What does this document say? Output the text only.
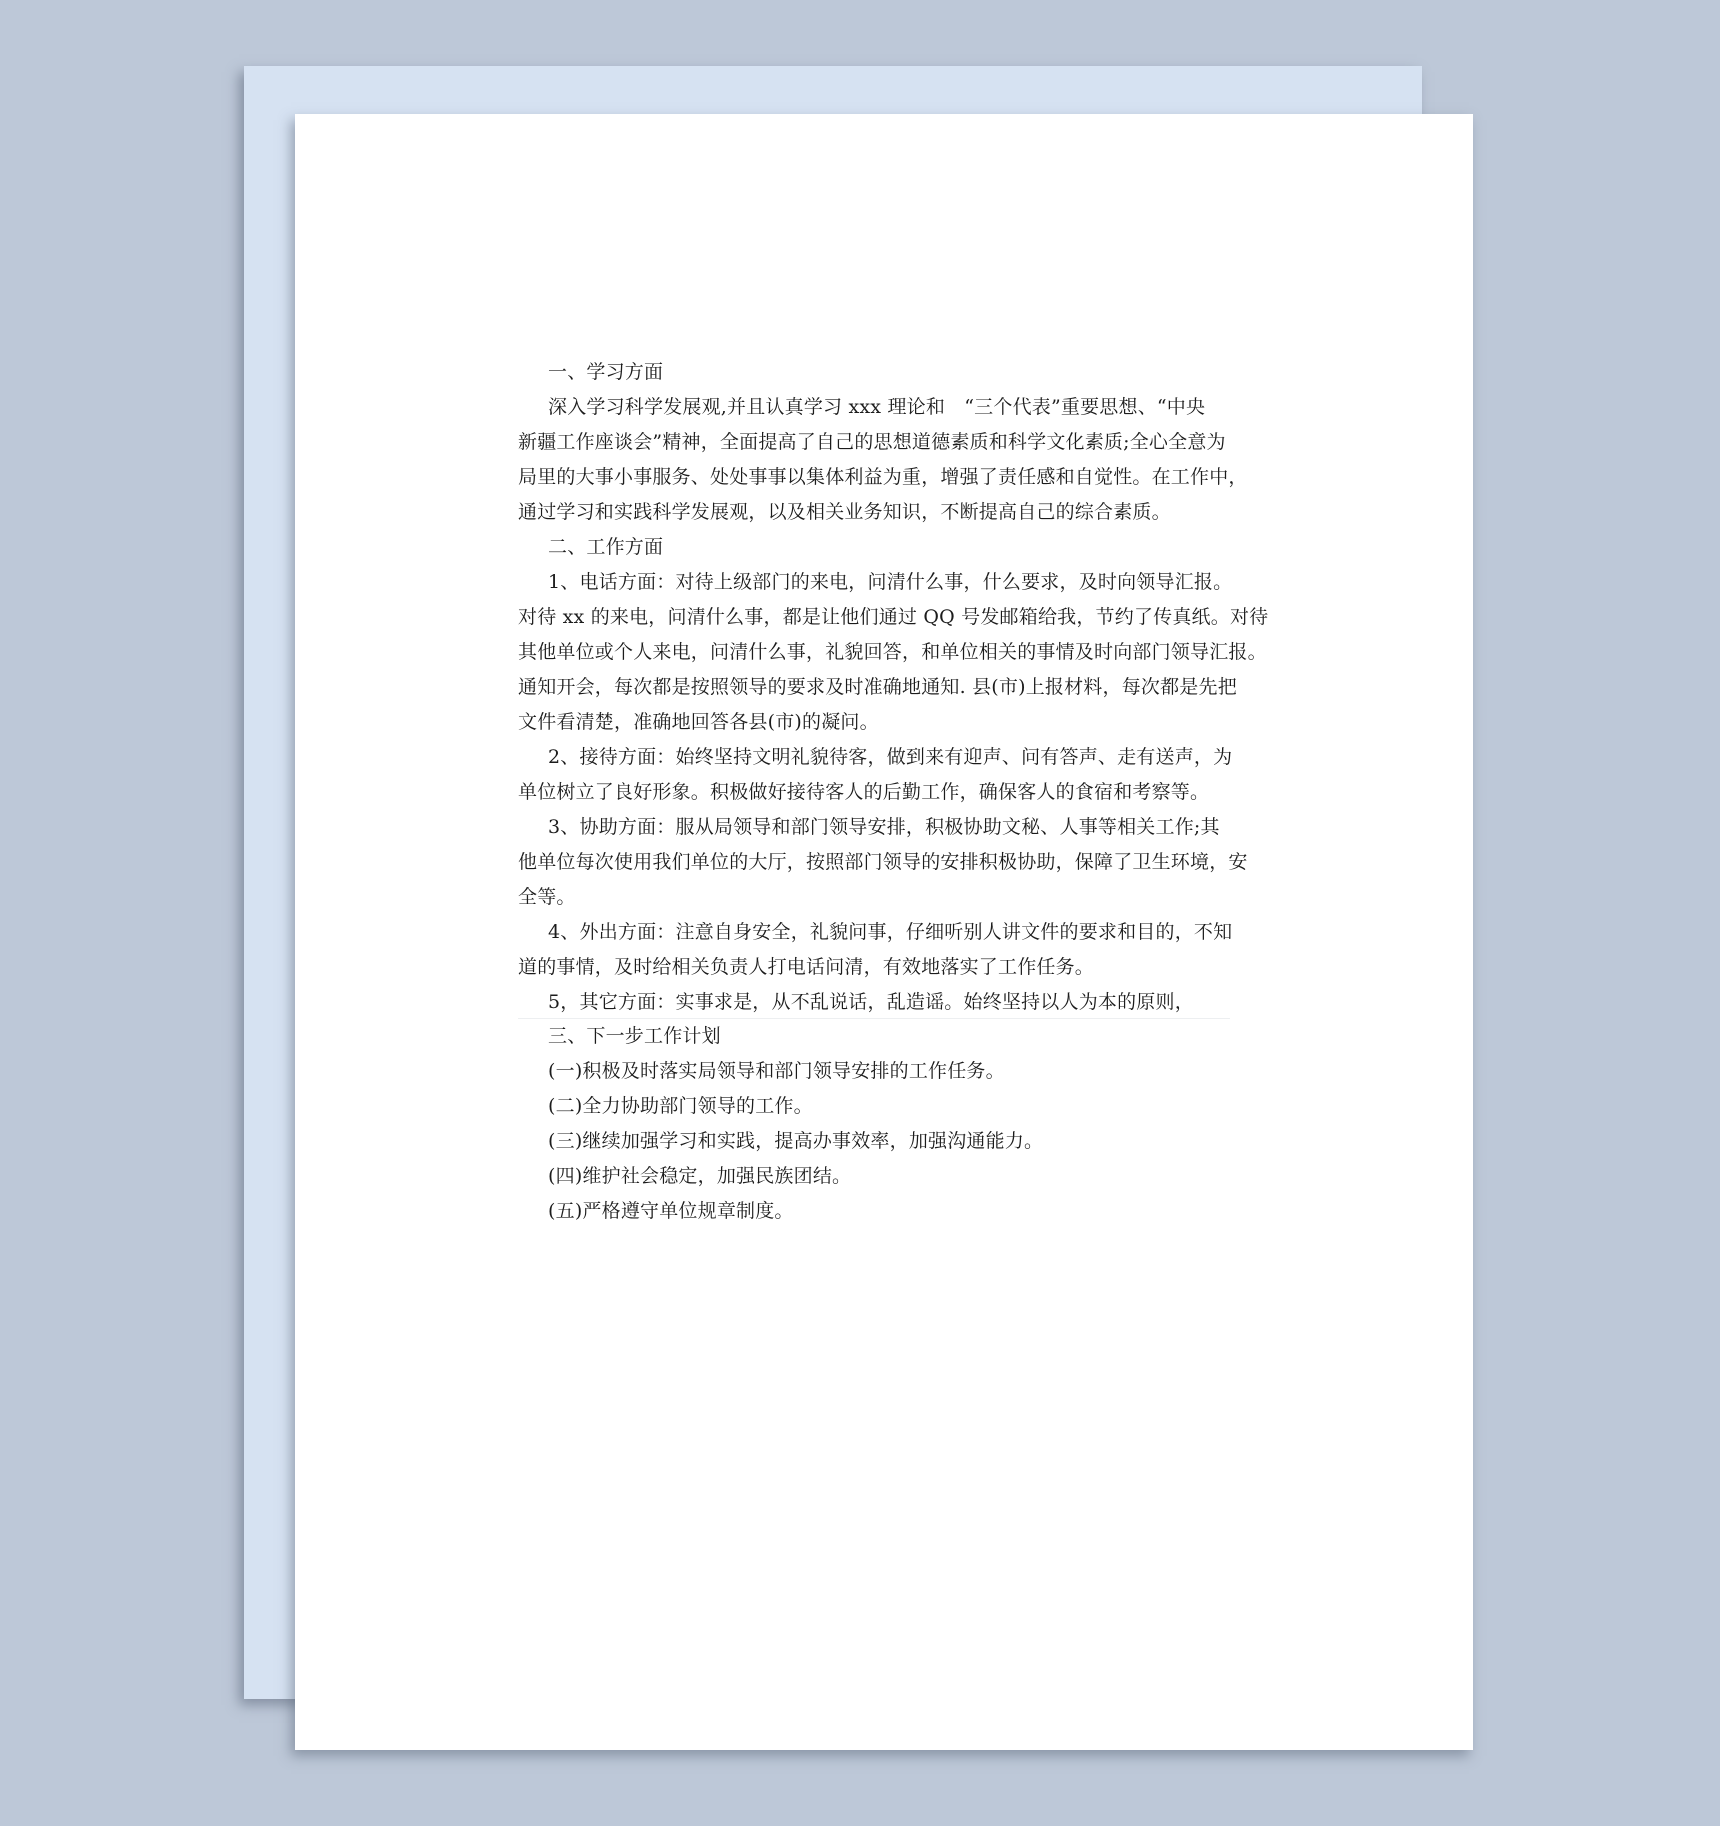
一、学习方面
深入学习科学发展观,并且认真学习 xxx 理论和　“三个代表”重要思想、“中央
新疆工作座谈会”精神，全面提高了自己的思想道德素质和科学文化素质;全心全意为
局里的大事小事服务、处处事事以集体利益为重，增强了责任感和自觉性。在工作中，
通过学习和实践科学发展观，以及相关业务知识，不断提高自己的综合素质。
二、工作方面
1、电话方面：对待上级部门的来电，问清什么事，什么要求，及时向领导汇报。
对待 xx 的来电，问清什么事，都是让他们通过 QQ 号发邮箱给我，节约了传真纸。对待
其他单位或个人来电，问清什么事，礼貌回答，和单位相关的事情及时向部门领导汇报。
通知开会，每次都是按照领导的要求及时准确地通知. 县(市)上报材料，每次都是先把
文件看清楚，准确地回答各县(市)的凝问。
2、接待方面：始终坚持文明礼貌待客，做到来有迎声、问有答声、走有送声，为
单位树立了良好形象。积极做好接待客人的后勤工作，确保客人的食宿和考察等。
3、协助方面：服从局领导和部门领导安排，积极协助文秘、人事等相关工作;其
他单位每次使用我们单位的大厅，按照部门领导的安排积极协助，保障了卫生环境，安
全等。
4、外出方面：注意自身安全，礼貌问事，仔细听别人讲文件的要求和目的，不知
道的事情，及时给相关负责人打电话问清，有效地落实了工作任务。
5，其它方面：实事求是，从不乱说话，乱造谣。始终坚持以人为本的原则，
三、下一步工作计划
(一)积极及时落实局领导和部门领导安排的工作任务。
(二)全力协助部门领导的工作。
(三)继续加强学习和实践，提高办事效率，加强沟通能力。
(四)维护社会稳定，加强民族团结。
(五)严格遵守单位规章制度。
